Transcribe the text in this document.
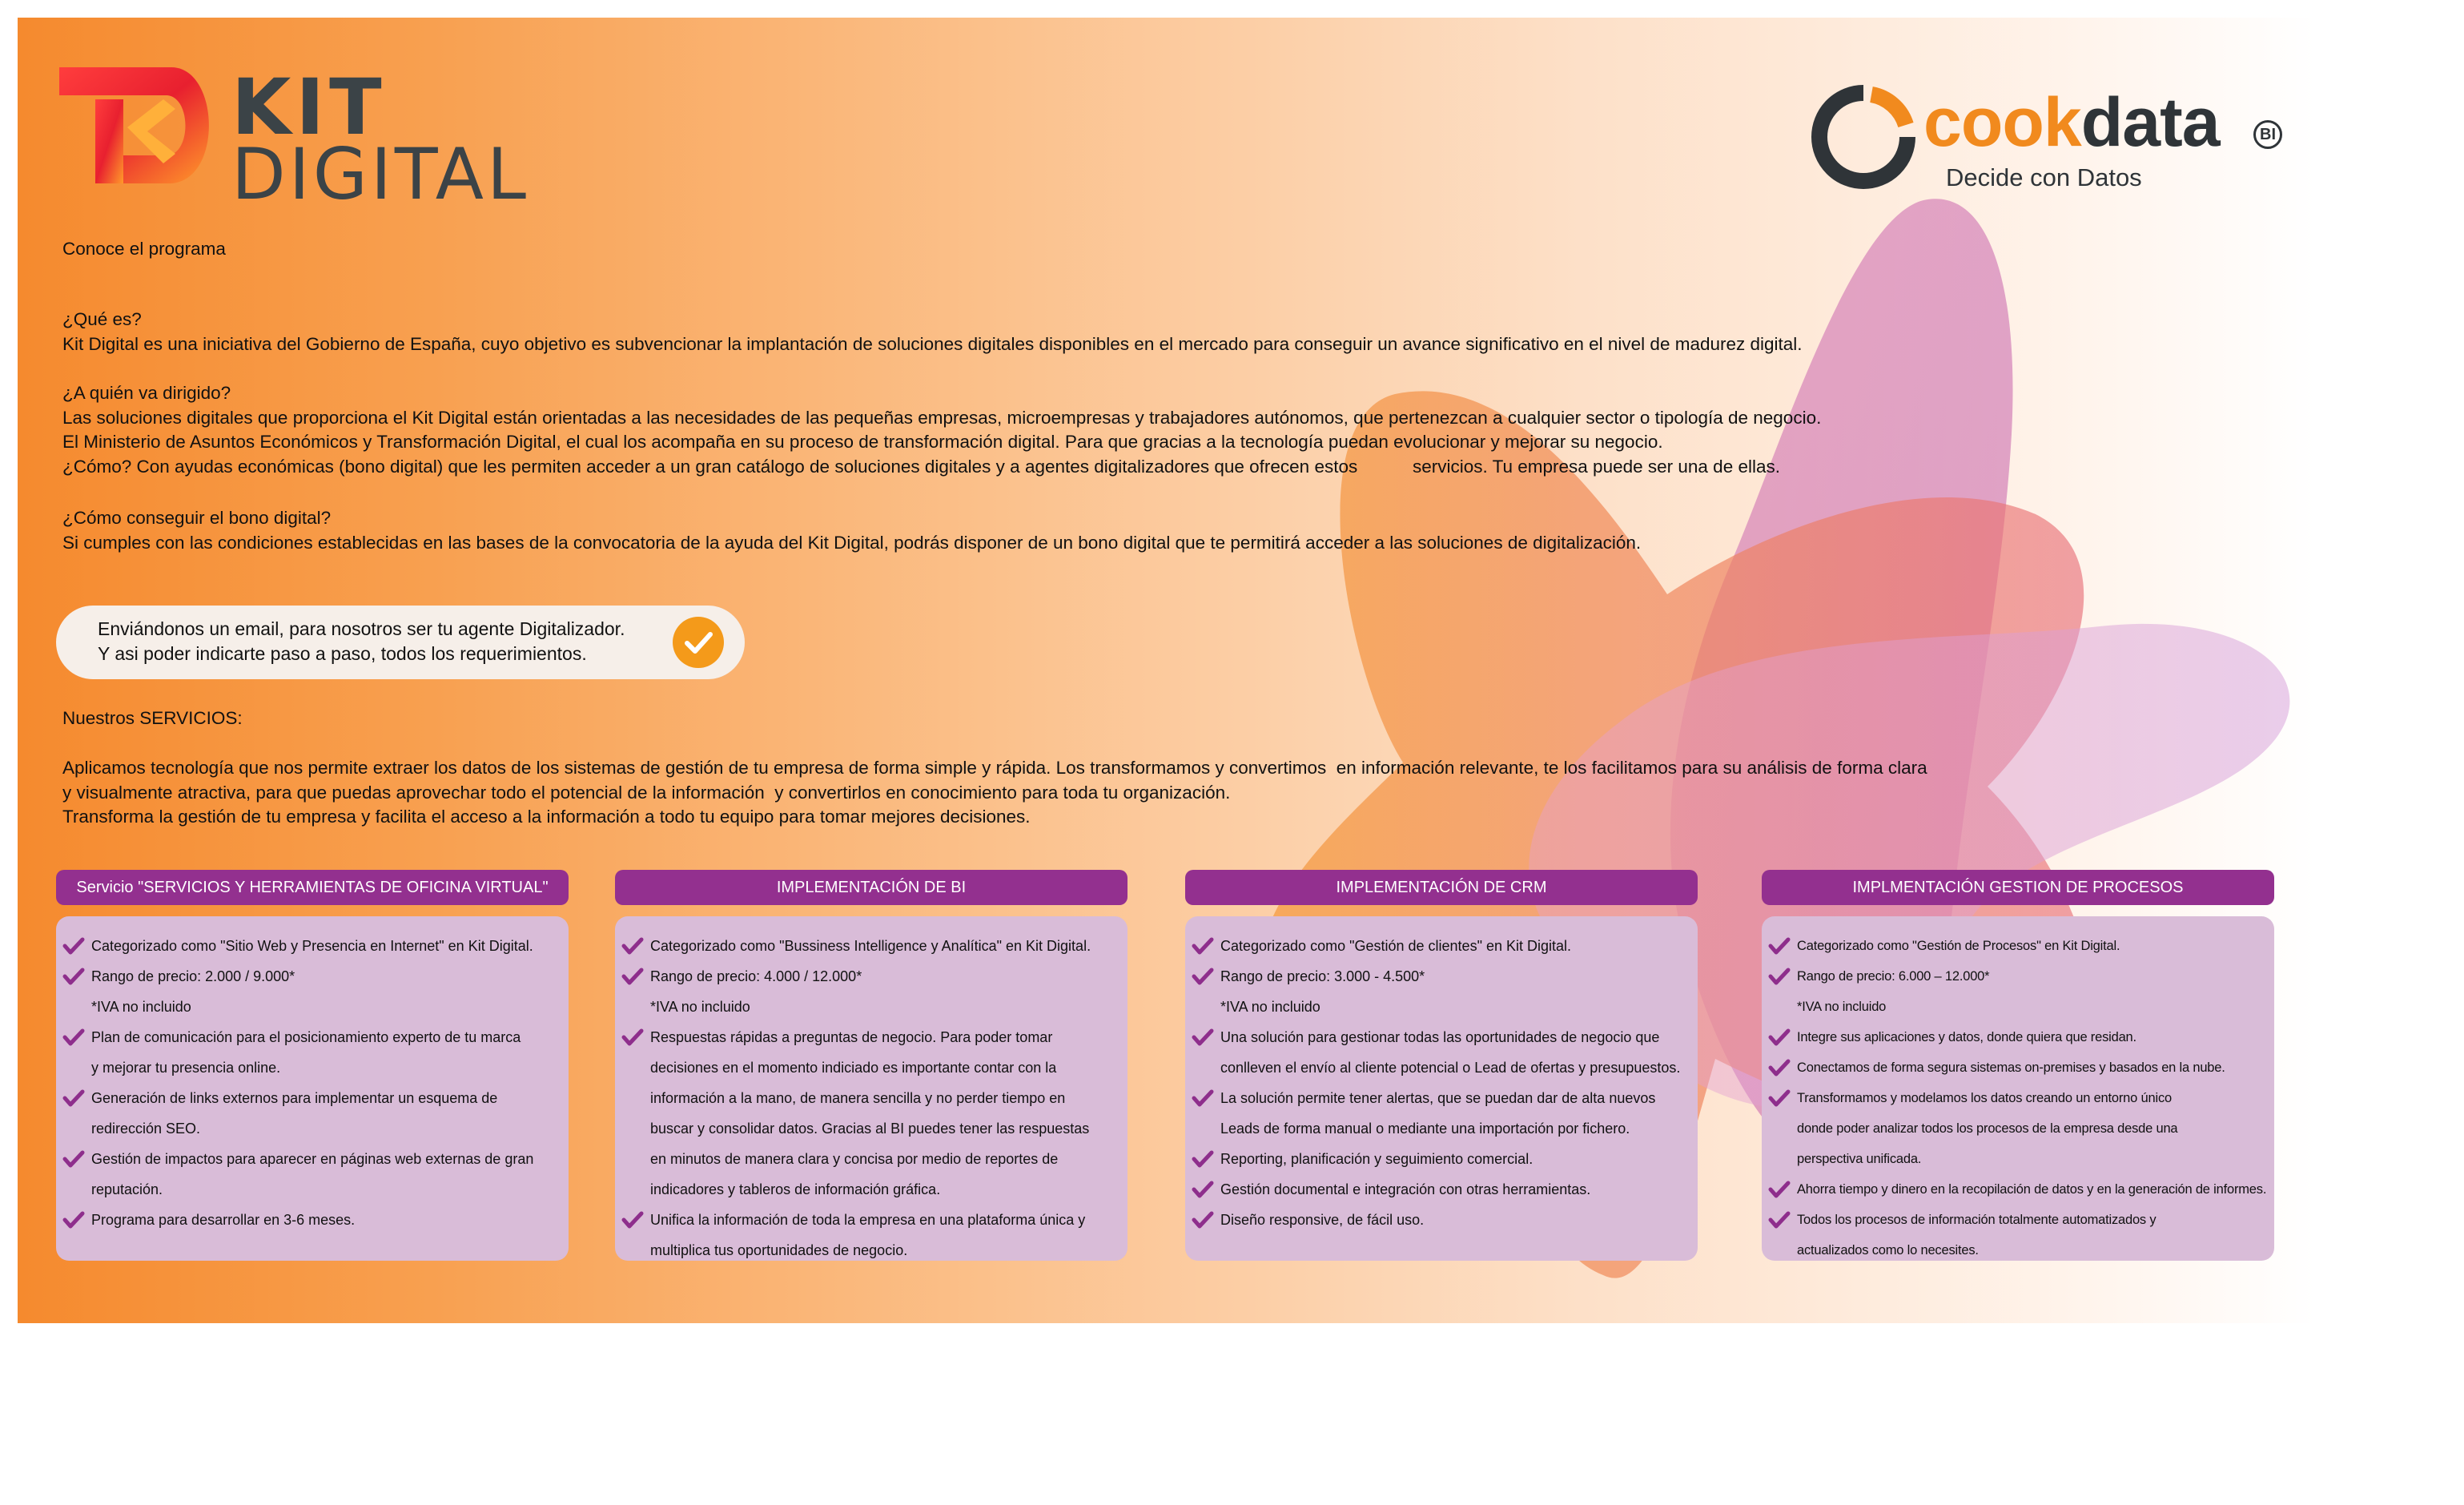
KIT
DIGITAL
cookdata	BI
Decide con Datos
Conoce el programa
¿Qué es?
Kit Digital es una iniciativa del Gobierno de España, cuyo objetivo es subvencionar la implantación de soluciones digitales disponibles en el mercado para conseguir un avance significativo en el nivel de madurez digital.
¿A quién va dirigido?
Las soluciones digitales que proporciona el Kit Digital están orientadas a las necesidades de las pequeñas empresas, microempresas y trabajadores autónomos, que pertenezcan a cualquier sector o tipología de negocio.
El Ministerio de Asuntos Económicos y Transformación Digital, el cual los acompaña en su proceso de transformación digital. Para que gracias a la tecnología puedan evolucionar y mejorar su negocio.
¿Cómo? Con ayudas económicas (bono digital) que les permiten acceder a un gran catálogo de soluciones digitales y a agentes digitalizadores que ofrecen estos           servicios. Tu empresa puede ser una de ellas.
¿Cómo conseguir el bono digital?
Si cumples con las condiciones establecidas en las bases de la convocatoria de la ayuda del Kit Digital, podrás disponer de un bono digital que te permitirá acceder a las soluciones de digitalización.
Enviándonos un email, para nosotros ser tu agente Digitalizador.
Y asi poder indicarte paso a paso, todos los requerimientos.
Nuestros SERVICIOS:
Aplicamos tecnología que nos permite extraer los datos de los sistemas de gestión de tu empresa de forma simple y rápida. Los transformamos y convertimos  en información relevante, te los facilitamos para su análisis de forma clara
y visualmente atractiva, para que puedas aprovechar todo el potencial de la información  y convertirlos en conocimiento para toda tu organización.
Transforma la gestión de tu empresa y facilita el acceso a la información a todo tu equipo para tomar mejores decisiones.
Servicio "SERVICIOS Y HERRAMIENTAS DE OFICINA VIRTUAL"
Categorizado como "Sitio Web y Presencia en Internet" en Kit Digital.
Rango de precio: 2.000 / 9.000*
*IVA no incluido
Plan de comunicación para el posicionamiento experto de tu marca
y mejorar tu presencia online.
Generación de links externos para implementar un esquema de
redirección SEO.
Gestión de impactos para aparecer en páginas web externas de gran
reputación.
Programa para desarrollar en 3-6 meses.
IMPLEMENTACIÓN DE BI
Categorizado como "Bussiness Intelligence y Analítica" en Kit Digital.
Rango de precio: 4.000 / 12.000*
*IVA no incluido
Respuestas rápidas a preguntas de negocio. Para poder tomar
decisiones en el momento indiciado es importante contar con la
información a la mano, de manera sencilla y no perder tiempo en
buscar y consolidar datos. Gracias al BI puedes tener las respuestas
en minutos de manera clara y concisa por medio de reportes de
indicadores y tableros de información gráfica.
Unifica la información de toda la empresa en una plataforma única y
multiplica tus oportunidades de negocio.
IMPLEMENTACIÓN DE CRM
Categorizado como "Gestión de clientes" en Kit Digital.
Rango de precio: 3.000 - 4.500*
*IVA no incluido
Una solución para gestionar todas las oportunidades de negocio que
conlleven el envío al cliente potencial o Lead de ofertas y presupuestos.
La solución permite tener alertas, que se puedan dar de alta nuevos
Leads de forma manual o mediante una importación por fichero.
Reporting, planificación y seguimiento comercial.
Gestión documental e integración con otras herramientas.
Diseño responsive, de fácil uso.
IMPLMENTACIÓN GESTION DE PROCESOS
Categorizado como "Gestión de Procesos" en Kit Digital.
Rango de precio: 6.000 – 12.000*
*IVA no incluido
Integre sus aplicaciones y datos, donde quiera que residan.
Conectamos de forma segura sistemas on-premises y basados en la nube.
Transformamos y modelamos los datos creando un entorno único
donde poder analizar todos los procesos de la empresa desde una
perspectiva unificada.
Ahorra tiempo y dinero en la recopilación de datos y en la generación de informes.
Todos los procesos de información totalmente automatizados y
actualizados como lo necesites.
